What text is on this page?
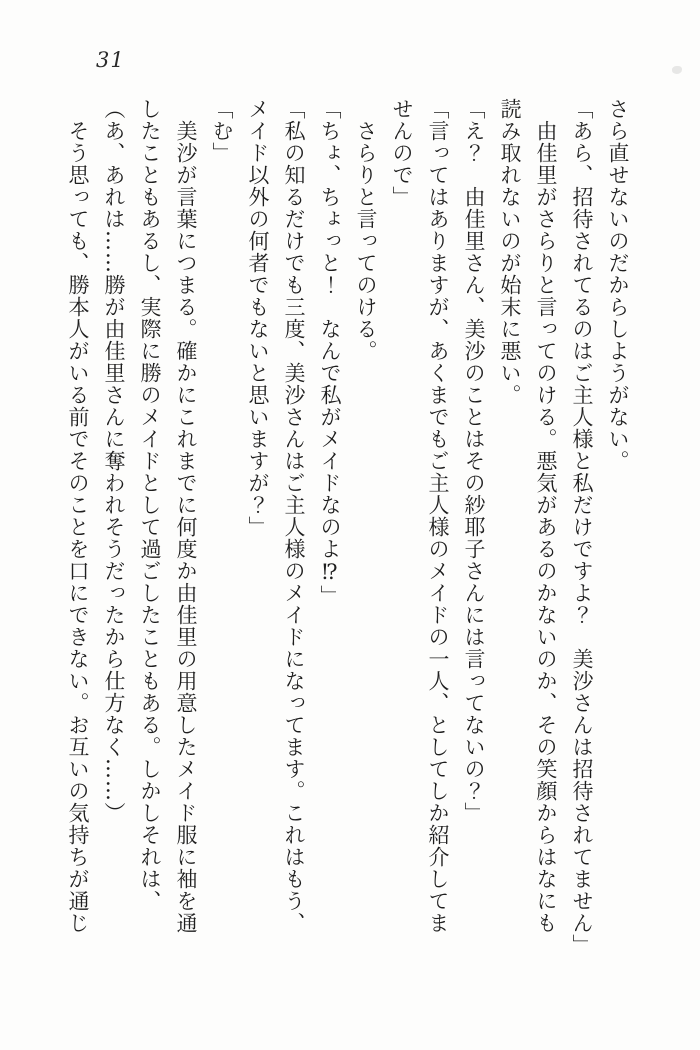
31

さら直せないのだからしようがない。

「あら、招待されてるのはご主人様と私だけですよ？　美沙さんは招待されてません」

　由佳里がさらりと言ってのける。悪気があるのかないのか、その笑顔からはなにも

読み取れないのが始末に悪い。

「え？　由佳里さん、美沙のことはその紗耶子さんには言ってないの？」

「言ってはありますが、あくまでもご主人様のメイドの一人、としてしか紹介してま

せんので」

　さらりと言ってのける。

「ちょ、ちょっと！　なんで私がメイドなのよ⁉」

「私の知るだけでも三度、美沙さんはご主人様のメイドになってます。これはもう、

メイド以外の何者でもないと思いますが？」

「む」

　美沙が言葉につまる。確かにこれまでに何度か由佳里の用意したメイド服に袖を通

したこともあるし、実際に勝のメイドとして過ごしたこともある。しかしそれは、

（あ、あれは……勝が由佳里さんに奪われそうだったから仕方なく……）

　そう思っても、勝本人がいる前でそのことを口にできない。お互いの気持ちが通じ
